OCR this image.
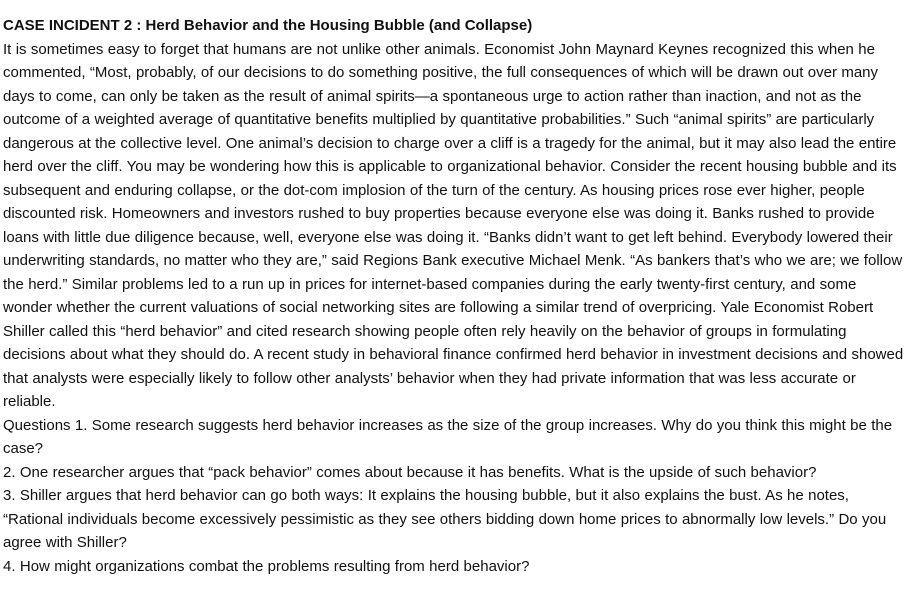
CASE INCIDENT 2 : Herd Behavior and the Housing Bubble (and Collapse)

It is sometimes easy to forget that humans are not unlike other animals. Economist John Maynard Keynes recognized this when he commented, “Most, probably, of our decisions to do something positive, the full consequences of which will be drawn out over many days to come, can only be taken as the result of animal spirits—a spontaneous urge to action rather than inaction, and not as the outcome of a weighted average of quantitative benefits multiplied by quantitative probabilities.” Such “animal spirits” are particularly dangerous at the collective level. One animal’s decision to charge over a cliff is a tragedy for the animal, but it may also lead the entire herd over the cliff. You may be wondering how this is applicable to organizational behavior. Consider the recent housing bubble and its subsequent and enduring collapse, or the dot-com implosion of the turn of the century. As housing prices rose ever higher, people discounted risk. Homeowners and investors rushed to buy properties because everyone else was doing it. Banks rushed to provide loans with little due diligence because, well, everyone else was doing it. “Banks didn’t want to get left behind. Everybody lowered their underwriting standards, no matter who they are,” said Regions Bank executive Michael Menk. “As bankers that’s who we are; we follow the herd.” Similar problems led to a run up in prices for internet-based companies during the early twenty-first century, and some wonder whether the current valuations of social networking sites are following a similar trend of overpricing. Yale Economist Robert Shiller called this “herd behavior” and cited research showing people often rely heavily on the behavior of groups in formulating decisions about what they should do. A recent study in behavioral finance confirmed herd behavior in investment decisions and showed that analysts were especially likely to follow other analysts’ behavior when they had private information that was less accurate or reliable.

Questions 1. Some research suggests herd behavior increases as the size of the group increases. Why do you think this might be the case?

2. One researcher argues that “pack behavior” comes about because it has benefits. What is the upside of such behavior?

3. Shiller argues that herd behavior can go both ways: It explains the housing bubble, but it also explains the bust. As he notes, “Rational individuals become excessively pessimistic as they see others bidding down home prices to abnormally low levels.” Do you agree with Shiller?

4. How might organizations combat the problems resulting from herd behavior?
